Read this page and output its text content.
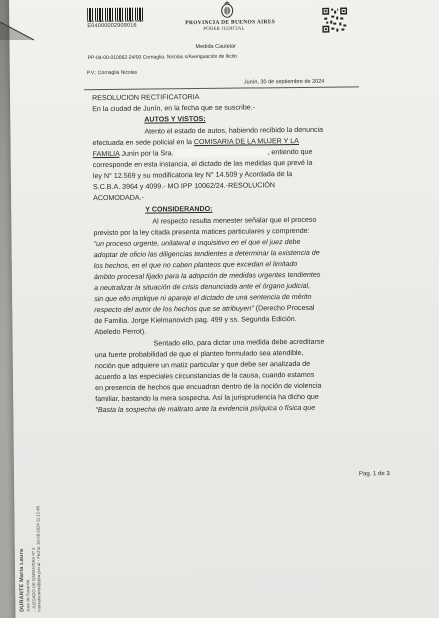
E04000002909016	PROVINCIA DE BUENOS AIRES
PODER JUDICIAL
Medida Cautelar
PP-04-00-010062-24/00 Cornaglia, Nicolas s/Averiguación de Ilicito
P.V.: Cornaglia Nicolas
Junín, 30 de septiembre de 2024
RESOLUCION RECTIFICATORIA
En la ciudad de Junín, en la fecha que se suscribe.-
AUTOS Y VISTOS:
Atento el estado de autos, habiendo recibido la denuncia
efectuada en sede policial en la COMISARIA DE LA MUJER Y LA
FAMILIA Junín por la Sra.	, entiendo que
corresponde en esta instancia, el dictado de las medidas que prevé la
ley N° 12.569 y su modificatoria ley N° 14.509 y Acordada de la
S.C.B.A. 3964 y 4099.- MO IPP 10062/24.-RESOLUCIÓN
ACOMODADA.-
Y CONSIDERANDO:
Al respecto resulta menester señalar que el proceso
previsto por la ley citada presenta matices particulares y comprende:
"un proceso urgente, unilateral e inquisitivo en el que el juez debe
adoptar de oficio las diligencias tendientes a determinar la existencia de
los hechos, en el que no caben planteos que excedan el limitado
ámbito procesal fijado para la adopción de medidas urgentes tendientes
a neutralizar la situación de crisis denunciada ante el órgano judicial,
sin que ello implique ni apareje el dictado de una sentencia de mérito
respecto del autor de los hechos que se atribuyen" (Derecho Procesal
de Familia. Jorge Kielmanovich pag. 499 y ss. Segunda Edición.
Abeledo Perrot).
Sentado ello, para dictar una medida debe acreditarse
una fuerte probabilidad de que el planteo formulado sea atendible,
noción que adquiere un matiz particular y que debe ser analizada de
acuerdo a las especiales circunstancias de la causa, cuando estamos
en presencia de hechos que encuadran dentro de la noción de violencia
familiar, bastando la mera sospecha. Así la jurisprudencia ha dicho que
"Basta la sospecha de maltrato ante la evidencia psíquica o física que
Pag. 1 de 3
DURANTE Maria Laura Juez de Garantía - JUZGADO DE GARANTIAS Nº 3 mariadurante@pjba.gov.ar - Fecha: 30-09-2024 11:12:48
